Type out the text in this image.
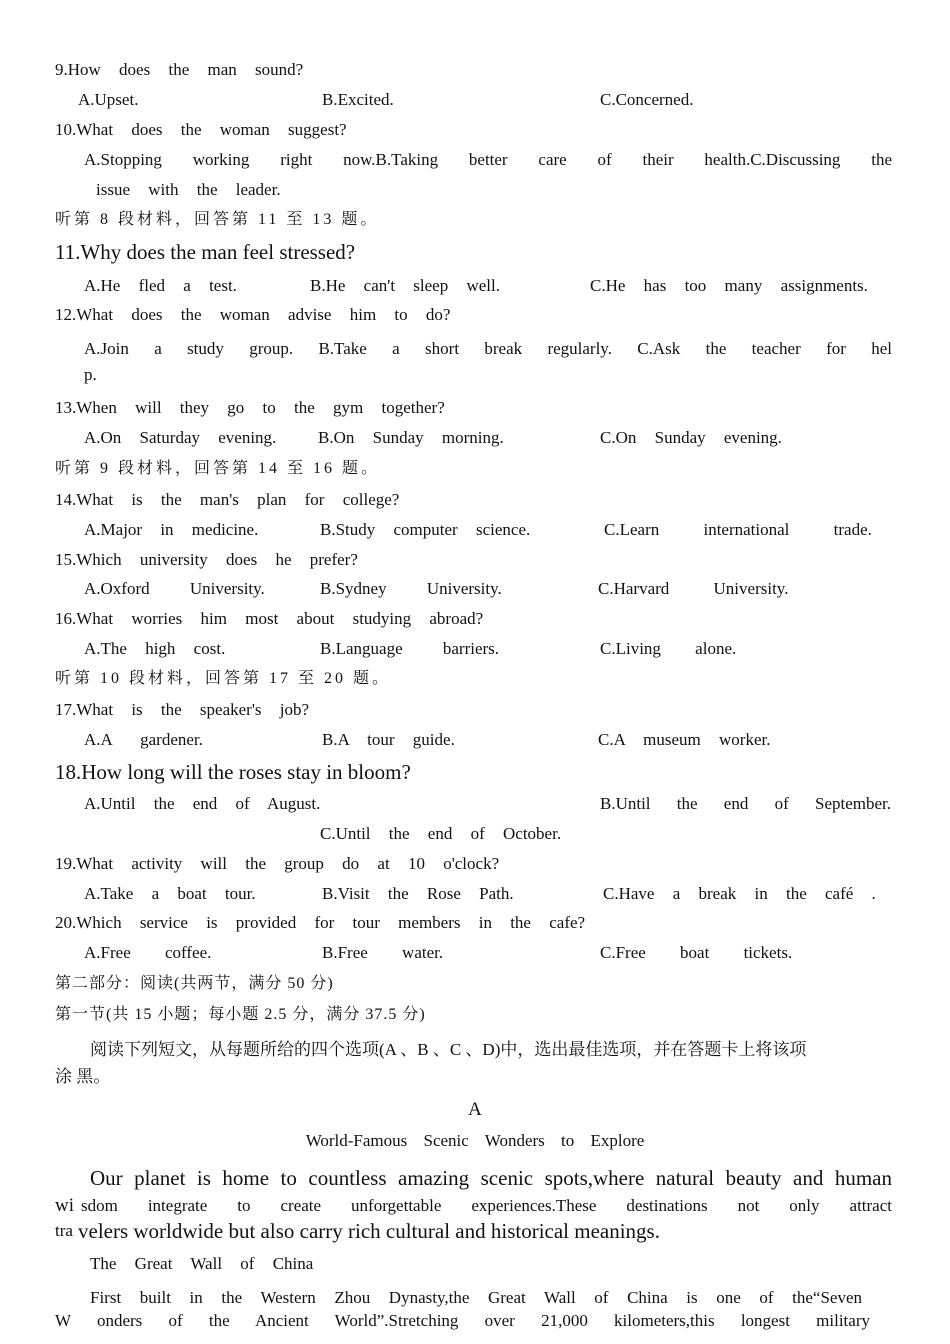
9.How does the man sound?
A.Upset.	B.Excited.	C.Concerned.
10.What does the woman suggest?
A.Stopping working right now.B.Taking better care of their health.C.Discussing the
issue with the leader.
听第 8 段材料，回答第 11 至 13 题。
11.Why does the man feel stressed?
A.He fled a test.	B.He can't sleep well.	C.He has too many assignments.
12.What does the woman advise him to do?
A.Join a study group. B.Take a short break regularly. C.Ask the teacher for hel
p.
13.When will they go to the gym together?
A.On Saturday evening. B.On Sunday morning.	C.On Sunday evening.
听第 9 段材料，回答第 14 至 16 题。
14.What is the man's plan for college?
A.Major in medicine.	B.Study computer science.	C.Learn international trade.
15.Which university does he prefer?
A.Oxford University.	B.Sydney University.	C.Harvard University.
16.What worries him most about studying abroad?
A.The high cost.	B.Language barriers.	C.Living alone.
听第 10 段材料，回答第 17 至 20 题。
17.What is the speaker's job?
A.A gardener.	B.A tour guide.	C.A museum worker.
18.How long will the roses stay in bloom?
A.Until the end of August.	B.Until the end of September.
C.Until the end of October.
19.What activity will the group do at 10 o'clock?
A.Take a boat tour.	B.Visit the Rose Path.	C.Have a break in the café .
20.Which service is provided for tour members in the cafe?
A.Free coffee.	B.Free water.	C.Free boat tickets.
第二部分：阅读(共两节，满分 50 分)
第一节(共 15 小题；每小题 2.5 分，满分 37.5 分)
阅读下列短文，从每题所给的四个选项(A 、B 、C 、D)中，选出最佳选项，并在答题卡上将该项
涂 黑。
A
World-Famous Scenic Wonders to Explore
Our planet is home to countless amazing scenic spots,where natural beauty and human
wi sdom integrate to create unforgettable experiences.These destinations not only attract
tra velers worldwide but also carry rich cultural and historical meanings.
The Great Wall of China
First built in the Western Zhou Dynasty,the Great Wall of China is one of the“Seven
W onders of the Ancient World”.Stretching over 21,000 kilometers,this longest military
